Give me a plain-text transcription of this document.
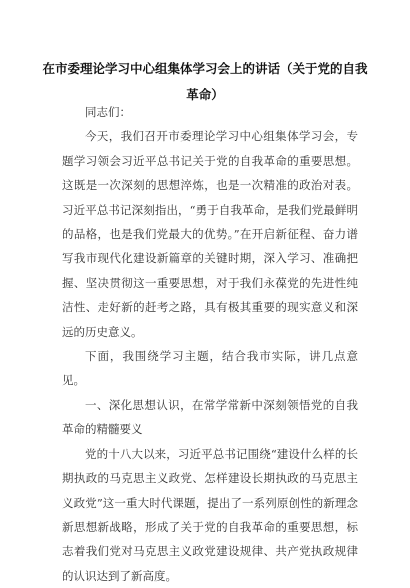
在市委理论学习中心组集体学习会上的讲话（关于党的自我革命）

同志们：

今天，我们召开市委理论学习中心组集体学习会，专题学习领会习近平总书记关于党的自我革命的重要思想。这既是一次深刻的思想淬炼，也是一次精准的政治对表。习近平总书记深刻指出，“勇于自我革命，是我们党最鲜明的品格，也是我们党最大的优势。”在开启新征程、奋力谱写我市现代化建设新篇章的关键时期，深入学习、准确把握、坚决贯彻这一重要思想，对于我们永葆党的先进性纯洁性、走好新的赶考之路，具有极其重要的现实意义和深远的历史意义。

下面，我围绕学习主题，结合我市实际，讲几点意见。

一、深化思想认识，在常学常新中深刻领悟党的自我革命的精髓要义

党的十八大以来，习近平总书记围绕“建设什么样的长期执政的马克思主义政党、怎样建设长期执政的马克思主义政党”这一重大时代课题，提出了一系列原创性的新理念新思想新战略，形成了关于党的自我革命的重要思想，标志着我们党对马克思主义政党建设规律、共产党执政规律的认识达到了新高度。
